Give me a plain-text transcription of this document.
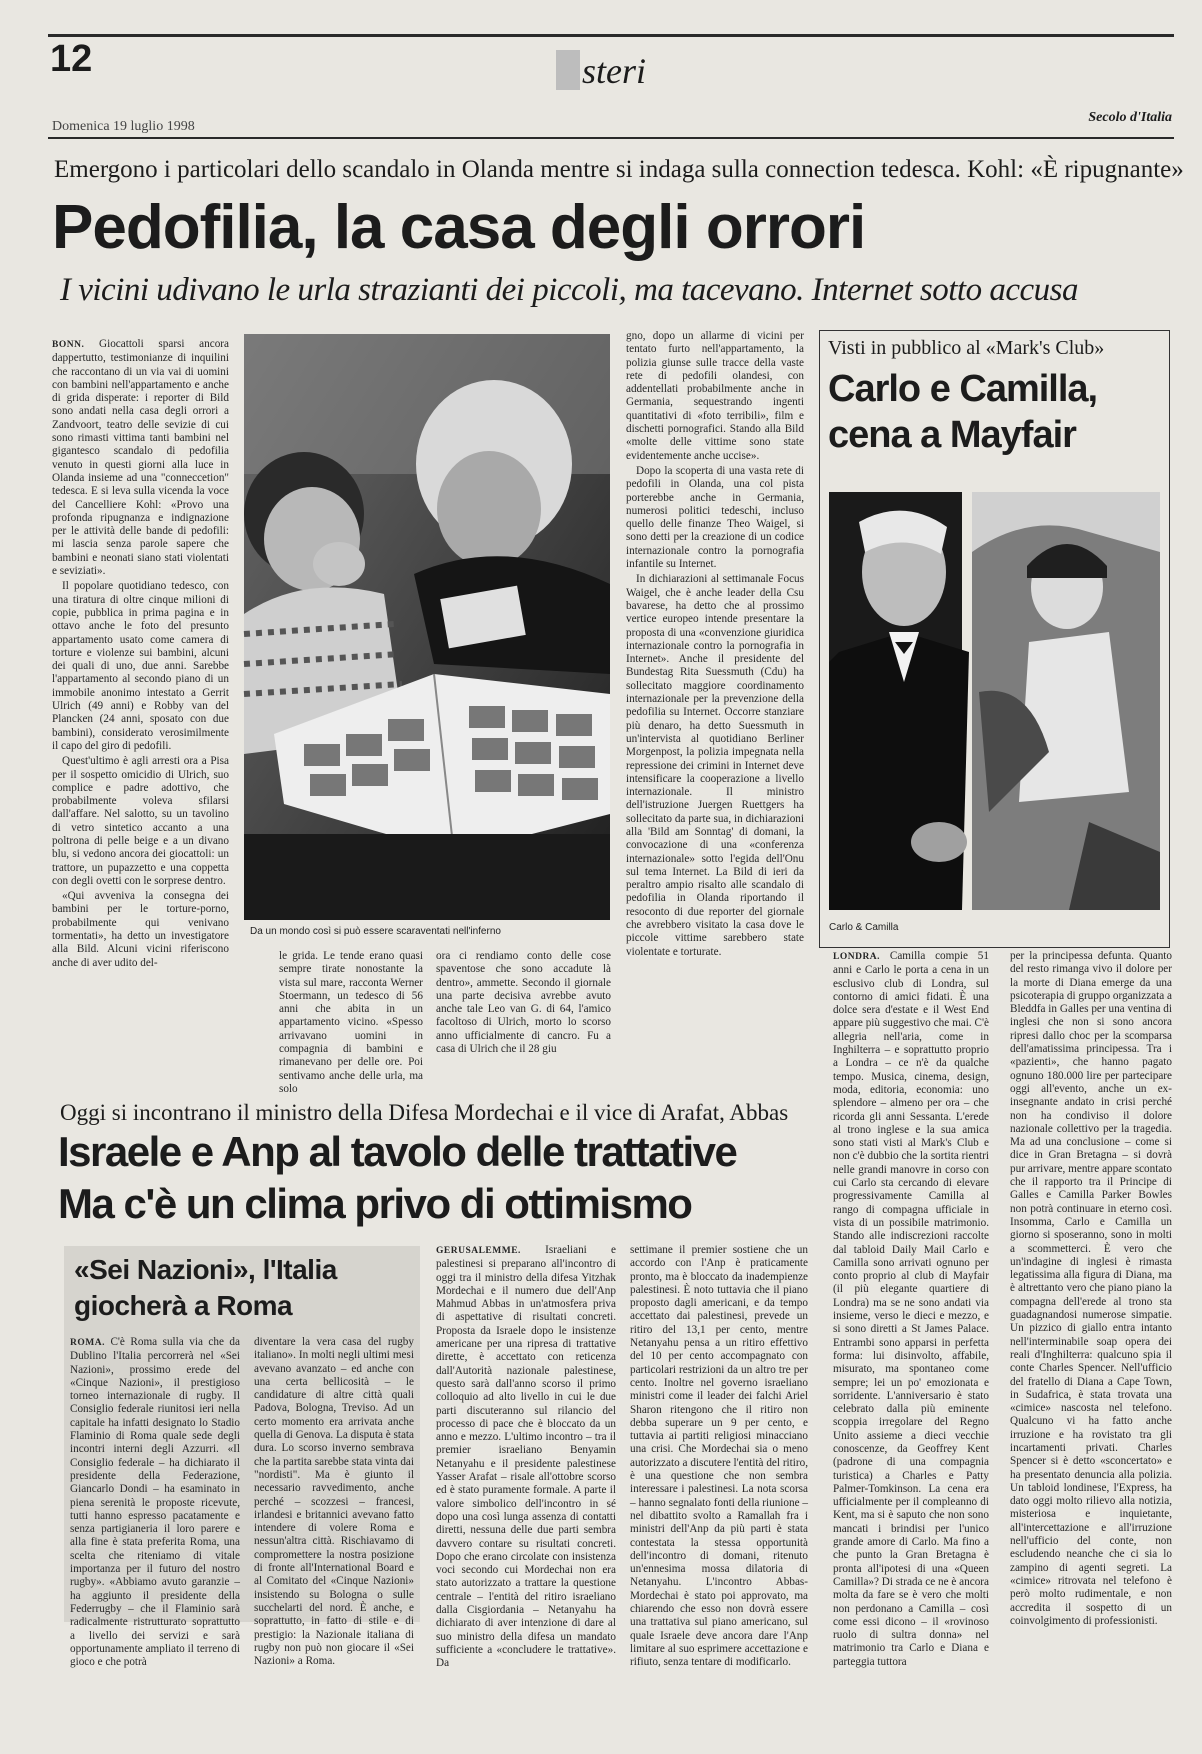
12	steri
Domenica 19 luglio 1998
Secolo d'Italia
Emergono i particolari dello scandalo in Olanda mentre si indaga sulla connection tedesca. Kohl: «È ripugnante»
Pedofilia, la casa degli orrori
I vicini udivano le urla strazianti dei piccoli, ma tacevano. Internet sotto accusa

BONN. Giocattoli sparsi ancora dappertutto, testimonianze di inquilini che raccontano di un via vai di uomini con bambini nell'appartamento e anche di grida disperate: i reporter di Bild sono andati nella casa degli orrori a Zandvoort, teatro delle sevizie di cui sono rimasti vittima tanti bambini nel gigantesco scandalo di pedofilia venuto in questi giorni alla luce in Olanda insieme ad una "conneccetion" tedesca. E si leva sulla vicenda la voce del Cancelliere Kohl: «Provo una profonda ripugnanza e indignazione per le attività delle bande di pedofili: mi lascia senza parole sapere che bambini e neonati siano stati violentati e seviziati».

Il popolare quotidiano tedesco, con una tiratura di oltre cinque milioni di copie, pubblica in prima pagina e in ottavo anche le foto del presunto appartamento usato come camera di torture e violenze sui bambini, alcuni dei quali di uno, due anni. Sarebbe l'appartamento al secondo piano di un immobile anonimo intestato a Gerrit Ulrich (49 anni) e Robby van del Plancken (24 anni, sposato con due bambini), considerato verosimilmente il capo del giro di pedofili.

Quest'ultimo è agli arresti ora a Pisa per il sospetto omicidio di Ulrich, suo complice e padre adottivo, che probabilmente voleva sfilarsi dall'affare. Nel salotto, su un tavolino di vetro sintetico accanto a una poltrona di pelle beige e a un divano blu, si vedono ancora dei giocattoli: un trattore, un pupazzetto e una coppetta con degli ovetti con le sorprese dentro.

«Qui avveniva la consegna dei bambini per le torture-porno, probabilmente qui venivano tormentati», ha detto un investigatore alla Bild. Alcuni vicini riferiscono anche di aver udito del-

Da un mondo così si può essere scaraventati nell'inferno

le grida. Le tende erano quasi sempre tirate nonostante la vista sul mare, racconta Werner Stoermann, un tedesco di 56 anni che abita in un appartamento vicino. «Spesso arrivavano uomini in compagnia di bambini e rimanevano per delle ore. Poi sentivamo anche delle urla, ma solo

ora ci rendiamo conto delle cose spaventose che sono accadute là dentro», ammette. Secondo il giornale una parte decisiva avrebbe avuto anche tale Leo van G. di 64, l'amico facoltoso di Ulrich, morto lo scorso anno ufficialmente di cancro. Fu a casa di Ulrich che il 28 giu

gno, dopo un allarme di vicini per tentato furto nell'appartamento, la polizia giunse sulle tracce della vaste rete di pedofili olandesi, con addentellati probabilmente anche in Germania, sequestrando ingenti quantitativi di «foto terribili», film e dischetti pornografici. Stando alla Bild «molte delle vittime sono state evidentemente anche uccise».

Dopo la scoperta di una vasta rete di pedofili in Olanda, una col pista porterebbe anche in Germania, numerosi politici tedeschi, incluso quello delle finanze Theo Waigel, si sono detti per la creazione di un codice internazionale contro la pornografia infantile su Internet.

In dichiarazioni al settimanale Focus Waigel, che è anche leader della Csu bavarese, ha detto che al prossimo vertice europeo intende presentare la proposta di una «convenzione giuridica internazionale contro la pornografia in Internet». Anche il presidente del Bundestag Rita Suessmuth (Cdu) ha sollecitato maggiore coordinamento internazionale per la prevenzione della pedofilia su Internet. Occorre stanziare più denaro, ha detto Suessmuth in un'intervista al quotidiano Berliner Morgenpost, la polizia impegnata nella repressione dei crimini in Internet deve intensificare la cooperazione a livello internazionale. Il ministro dell'istruzione Juergen Ruettgers ha sollecitato da parte sua, in dichiarazioni alla 'Bild am Sonntag' di domani, la convocazione di una «conferenza internazionale» sotto l'egida dell'Onu sul tema Internet. La Bild di ieri da peraltro ampio risalto alle scandalo di pedofilia in Olanda riportando il resoconto di due reporter del giornale che avrebbero visitato la casa dove le piccole vittime sarebbero state violentate e torturate.

Visti in pubblico al «Mark's Club»
Carlo e Camilla,
cena a Mayfair
Carlo & Camilla

LONDRA. Camilla compie 51 anni e Carlo le porta a cena in un esclusivo club di Londra, sul contorno di amici fidati. È una dolce sera d'estate e il West End appare più suggestivo che mai. C'è allegria nell'aria, come in Inghilterra – e soprattutto proprio a Londra – ce n'è da qualche tempo. Musica, cinema, design, moda, editoria, economia: uno splendore – almeno per ora – che ricorda gli anni Sessanta. L'erede al trono inglese e la sua amica sono stati visti al Mark's Club e non c'è dubbio che la sortita rientri nelle grandi manovre in corso con cui Carlo sta cercando di elevare progressivamente Camilla al rango di compagna ufficiale in vista di un possibile matrimonio. Stando alle indiscrezioni raccolte dal tabloid Daily Mail Carlo e Camilla sono arrivati ognuno per conto proprio al club di Mayfair (il più elegante quartiere di Londra) ma se ne sono andati via insieme, verso le dieci e mezzo, e si sono diretti a St James Palace. Entrambi sono apparsi in perfetta forma: lui disinvolto, affabile, misurato, ma spontaneo come sempre; lei un po' emozionata e sorridente. L'anniversario è stato celebrato dalla più eminente scoppia irregolare del Regno Unito assieme a dieci vecchie conoscenze, da Geoffrey Kent (padrone di una compagnia turistica) a Charles e Patty Palmer-Tomkinson. La cena era ufficialmente per il compleanno di Kent, ma si è saputo che non sono mancati i brindisi per l'unico grande amore di Carlo. Ma fino a che punto la Gran Bretagna è pronta all'ipotesi di una «Queen Camilla»? Di strada ce ne è ancora molta da fare se è vero che molti non perdonano a Camilla – così come essi dicono – il «rovinoso ruolo di sultra donna» nel matrimonio tra Carlo e Diana e parteggia tuttora

per la principessa defunta. Quanto del resto rimanga vivo il dolore per la morte di Diana emerge da una psicoterapia di gruppo organizzata a Bleddfa in Galles per una ventina di inglesi che non si sono ancora ripresi dallo choc per la scomparsa dell'amatissima principessa. Tra i «pazienti», che hanno pagato ognuno 180.000 lire per partecipare oggi all'evento, anche un ex-insegnante andato in crisi perché non ha condiviso il dolore nazionale collettivo per la tragedia. Ma ad una conclusione – come si dice in Gran Bretagna – si dovrà pur arrivare, mentre appare scontato che il rapporto tra il Principe di Galles e Camilla Parker Bowles non potrà continuare in eterno così. Insomma, Carlo e Camilla un giorno si sposeranno, sono in molti a scommetterci. È vero che un'indagine di inglesi è rimasta legatissima alla figura di Diana, ma è altrettanto vero che piano piano la compagna dell'erede al trono sta guadagnandosi numerose simpatie. Un pizzico di giallo entra intanto nell'interminabile soap opera dei reali d'Inghilterra: qualcuno spia il conte Charles Spencer. Nell'ufficio del fratello di Diana a Cape Town, in Sudafrica, è stata trovata una «cimice» nascosta nel telefono. Qualcuno vi ha fatto anche irruzione e ha rovistato tra gli incartamenti privati. Charles Spencer si è detto «sconcertato» e ha presentato denuncia alla polizia. Un tabloid londinese, l'Express, ha dato oggi molto rilievo alla notizia, misteriosa e inquietante, all'intercettazione e all'irruzione nell'ufficio del conte, non escludendo neanche che ci sia lo zampino di agenti segreti. La «cimice» ritrovata nel telefono è però molto rudimentale, e non accredita il sospetto di un coinvolgimento di professionisti.

Oggi si incontrano il ministro della Difesa Mordechai e il vice di Arafat, Abbas
Israele e Anp al tavolo delle trattative
Ma c'è un clima privo di ottimismo
«Sei Nazioni», l'Italia
giocherà a Roma

ROMA. C'è Roma sulla via che da Dublino l'Italia percorrerà nel «Sei Nazioni», prossimo erede del «Cinque Nazioni», il prestigioso torneo internazionale di rugby. Il Consiglio federale riunitosi ieri nella capitale ha infatti designato lo Stadio Flaminio di Roma quale sede degli incontri interni degli Azzurri. «Il Consiglio federale – ha dichiarato il presidente della Federazione, Giancarlo Dondi – ha esaminato in piena serenità le proposte ricevute, tutti hanno espresso pacatamente e senza partigianeria il loro parere e alla fine è stata preferita Roma, una scelta che riteniamo di vitale importanza per il futuro del nostro rugby». «Abbiamo avuto garanzie – ha aggiunto il presidente della Federrugby – che il Flaminio sarà radicalmente ristrutturato soprattutto a livello dei servizi e sarà opportunamente ampliato il terreno di gioco e che potrà

diventare la vera casa del rugby italiano». In molti negli ultimi mesi avevano avanzato – ed anche con una certa bellicosità – le candidature di altre città quali Padova, Bologna, Treviso. Ad un certo momento era arrivata anche quella di Genova. La disputa è stata dura. Lo scorso inverno sembrava che la partita sarebbe stata vinta dai "nordisti". Ma è giunto il necessario ravvedimento, anche perché – scozzesi – francesi, irlandesi e britannici avevano fatto intendere di volere Roma e nessun'altra città. Rischiavamo di compromettere la nostra posizione di fronte all'International Board e al Comitato del «Cinque Nazioni» insistendo su Bologna o sulle succhelarti del nord. È anche, e soprattutto, in fatto di stile e di prestigio: la Nazionale italiana di rugby non può non giocare il «Sei Nazioni» a Roma.

GERUSALEMME. Israeliani e palestinesi si preparano all'incontro di oggi tra il ministro della difesa Yitzhak Mordechai e il numero due dell'Anp Mahmud Abbas in un'atmosfera priva di aspettative di risultati concreti. Proposta da Israele dopo le insistenze americane per una ripresa di trattative dirette, è accettato con reticenza dall'Autorità nazionale palestinese, questo sarà dall'anno scorso il primo colloquio ad alto livello in cui le due parti discuteranno sul rilancio del processo di pace che è bloccato da un anno e mezzo. L'ultimo incontro – tra il premier israeliano Benyamin Netanyahu e il presidente palestinese Yasser Arafat – risale all'ottobre scorso ed è stato puramente formale. A parte il valore simbolico dell'incontro in sé dopo una così lunga assenza di contatti diretti, nessuna delle due parti sembra davvero contare su risultati concreti. Dopo che erano circolate con insistenza voci secondo cui Mordechai non era stato autorizzato a trattare la questione centrale – l'entità del ritiro israeliano dalla Cisgiordania – Netanyahu ha dichiarato di aver intenzione di dare al suo ministro della difesa un mandato sufficiente a «concludere le trattative». Da

settimane il premier sostiene che un accordo con l'Anp è praticamente pronto, ma è bloccato da inadempienze palestinesi. È noto tuttavia che il piano proposto dagli americani, e da tempo accettato dai palestinesi, prevede un ritiro del 13,1 per cento, mentre Netanyahu pensa a un ritiro effettivo del 10 per cento accompagnato con particolari restrizioni da un altro tre per cento. Inoltre nel governo israeliano ministri come il leader dei falchi Ariel Sharon ritengono che il ritiro non debba superare un 9 per cento, e tuttavia ai partiti religiosi minacciano una crisi. Che Mordechai sia o meno autorizzato a discutere l'entità del ritiro, è una questione che non sembra interessare i palestinesi. La nota scorsa – hanno segnalato fonti della riunione – nel dibattito svolto a Ramallah fra i ministri dell'Anp da più parti è stata contestata la stessa opportunità dell'incontro di domani, ritenuto un'ennesima mossa dilatoria di Netanyahu. L'incontro Abbas-Mordechai è stato poi approvato, ma chiarendo che esso non dovrà essere una trattativa sul piano americano, sul quale Israele deve ancora dare l'Anp limitare al suo esprimere accettazione e rifiuto, senza tentare di modificarlo.
